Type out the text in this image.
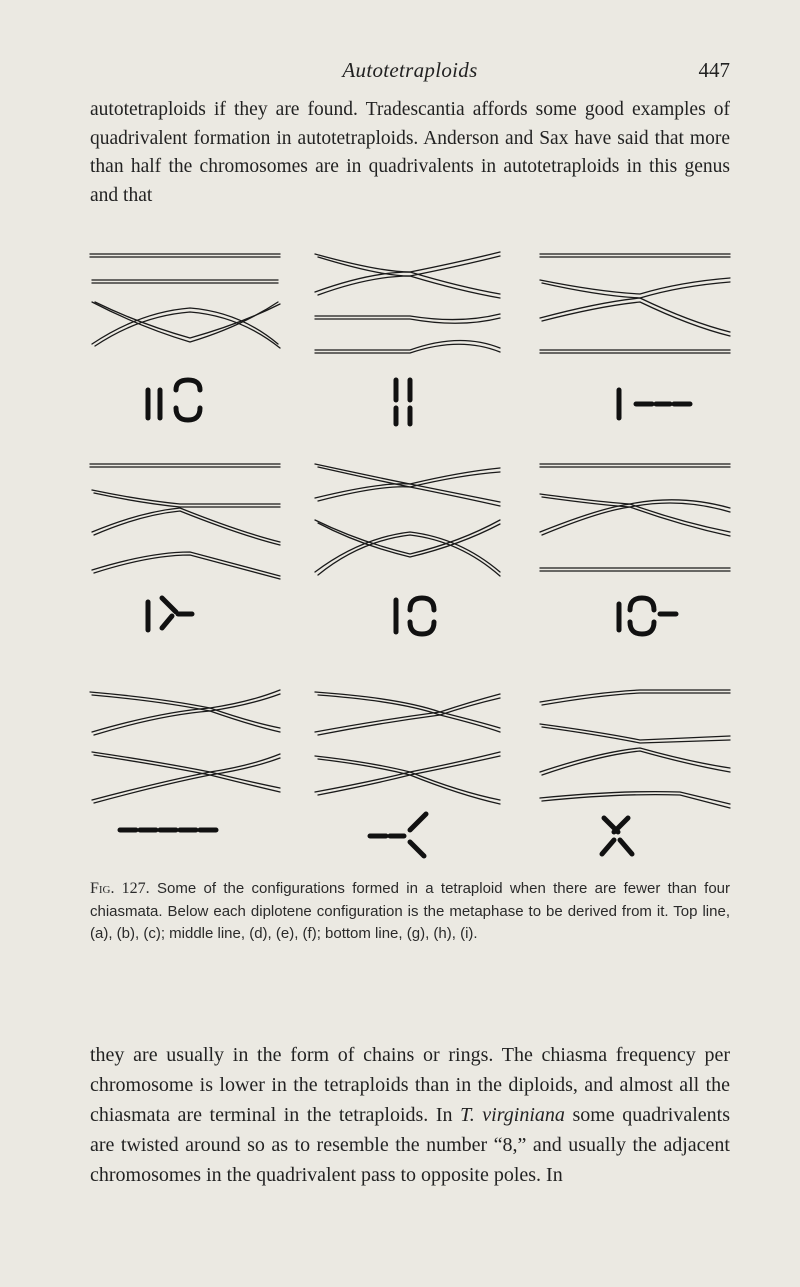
Autotetraploids	447

autotetraploids if they are found. Tradescantia affords some good examples of quadrivalent formation in autotetraploids. Anderson and Sax have said that more than half the chromosomes are in quadrivalents in autotetraploids in this genus and that

Fig. 127. Some of the configurations formed in a tetraploid when there are fewer than four chiasmata. Below each diplotene configuration is the metaphase to be derived from it. Top line, (a), (b), (c); middle line, (d), (e), (f); bottom line, (g), (h), (i).

they are usually in the form of chains or rings. The chiasma frequency per chromosome is lower in the tetraploids than in the diploids, and almost all the chiasmata are terminal in the tetraploids. In T. virginiana some quadrivalents are twisted around so as to resemble the number “8,” and usually the adjacent chromosomes in the quadrivalent pass to opposite poles. In
